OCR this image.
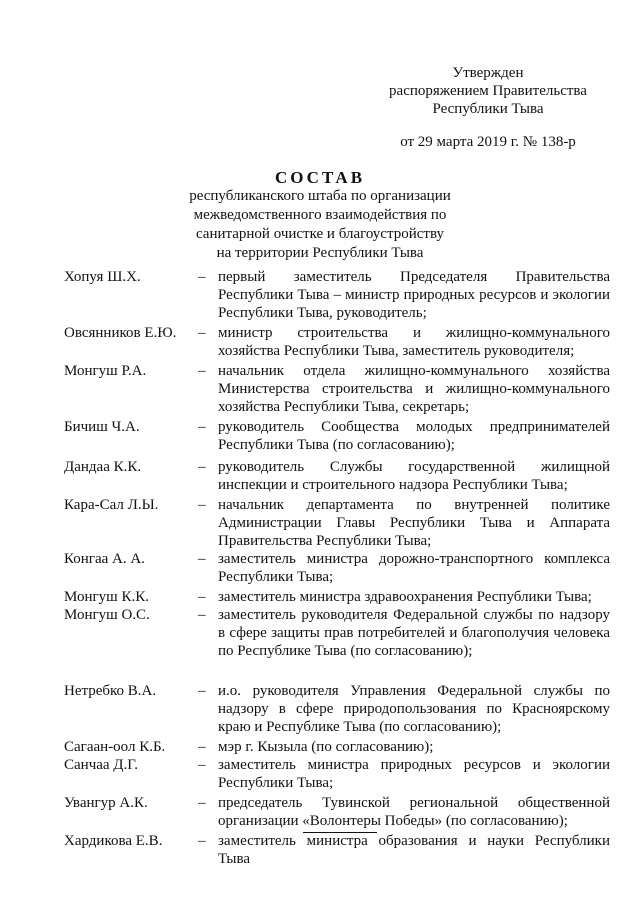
Утвержден
распоряжением Правительства
Республики Тыва
от 29 марта 2019 г. № 138-р
СОСТАВ
республиканского штаба по организации
межведомственного взаимодействия по
санитарной очистке и благоустройству
на территории Республики Тыва
Хопуя Ш.Х.	– первый заместитель Председателя Правительства Республики Тыва – министр природных ресурсов и экологии Республики Тыва, руководитель;
Овсянников Е.Ю.	– министр строительства и жилищно-коммунального хозяйства Республики Тыва, заместитель руководителя;
Монгуш Р.А.	– начальник отдела жилищно-коммунального хозяйства Министерства строительства и жилищно-коммунального хозяйства Республики Тыва, секретарь;
Бичиш Ч.А.	– руководитель Сообщества молодых предпринимателей Республики Тыва (по согласованию);
Дандаа К.К.	– руководитель Службы государственной жилищной инспекции и строительного надзора Республики Тыва;
Кара-Сал Л.Ы.	– начальник департамента по внутренней политике Администрации Главы Республики Тыва и Аппарата Правительства Республики Тыва;
Конгаа А. А.	– заместитель министра дорожно-транспортного комплекса Республики Тыва;
Монгуш К.К.	– заместитель министра здравоохранения Республики Тыва;
Монгуш О.С.	– заместитель руководителя Федеральной службы по надзору в сфере защиты прав потребителей и благополучия человека по Республике Тыва (по согласованию);
Нетребко В.А.	– и.о. руководителя Управления Федеральной службы по надзору в сфере природопользования по Красноярскому краю и Республике Тыва (по согласованию);
Сагаан-оол К.Б.	– мэр г. Кызыла (по согласованию);
Санчаа Д.Г.	– заместитель министра природных ресурсов и экологии Республики Тыва;
Увангур А.К.	– председатель Тувинской региональной общественной организации «Волонтеры Победы» (по согласованию);
Хардикова Е.В.	– заместитель министра образования и науки Республики Тыва
